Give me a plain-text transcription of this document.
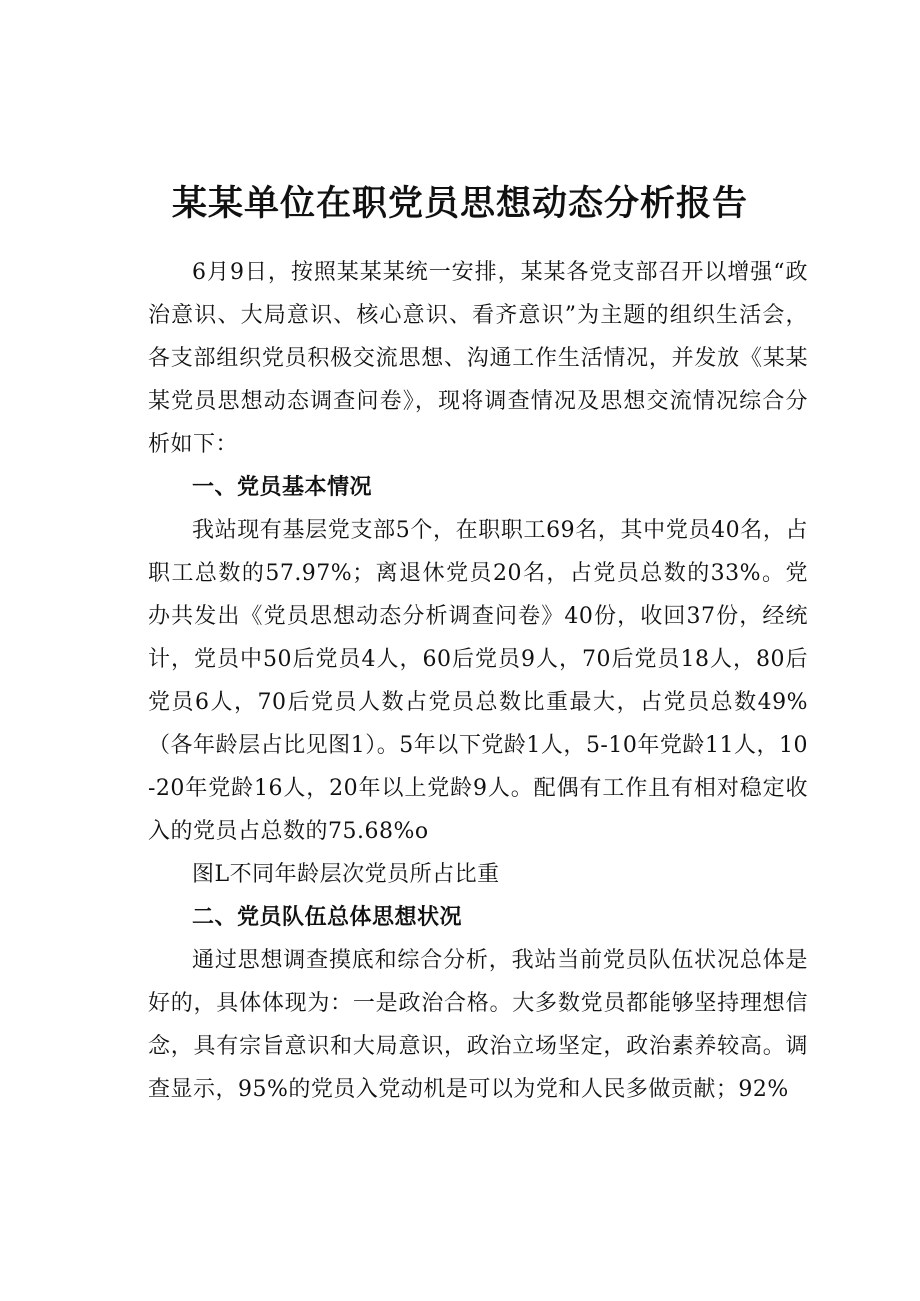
某某单位在职党员思想动态分析报告

6月9日，按照某某某统一安排，某某各党支部召开以增强“政治意识、大局意识、核心意识、看齐意识”为主题的组织生活会，各支部组织党员积极交流思想、沟通工作生活情况，并发放《某某某党员思想动态调查问卷》，现将调查情况及思想交流情况综合分析如下：

一、党员基本情况

我站现有基层党支部5个，在职职工69名，其中党员40名，占职工总数的57.97%；离退休党员20名，占党员总数的33%。党办共发出《党员思想动态分析调查问卷》40份，收回37份，经统计，党员中50后党员4人，60后党员9人，70后党员18人，80后党员6人，70后党员人数占党员总数比重最大，占党员总数49%（各年龄层占比见图1）。5年以下党龄1人，5-10年党龄11人，10-20年党龄16人，20年以上党龄9人。配偶有工作且有相对稳定收入的党员占总数的75.68%o

图L不同年龄层次党员所占比重

二、党员队伍总体思想状况

通过思想调查摸底和综合分析，我站当前党员队伍状况总体是好的，具体体现为：一是政治合格。大多数党员都能够坚持理想信念，具有宗旨意识和大局意识，政治立场坚定，政治素养较高。调查显示，95%的党员入党动机是可以为党和人民多做贡献；92%
